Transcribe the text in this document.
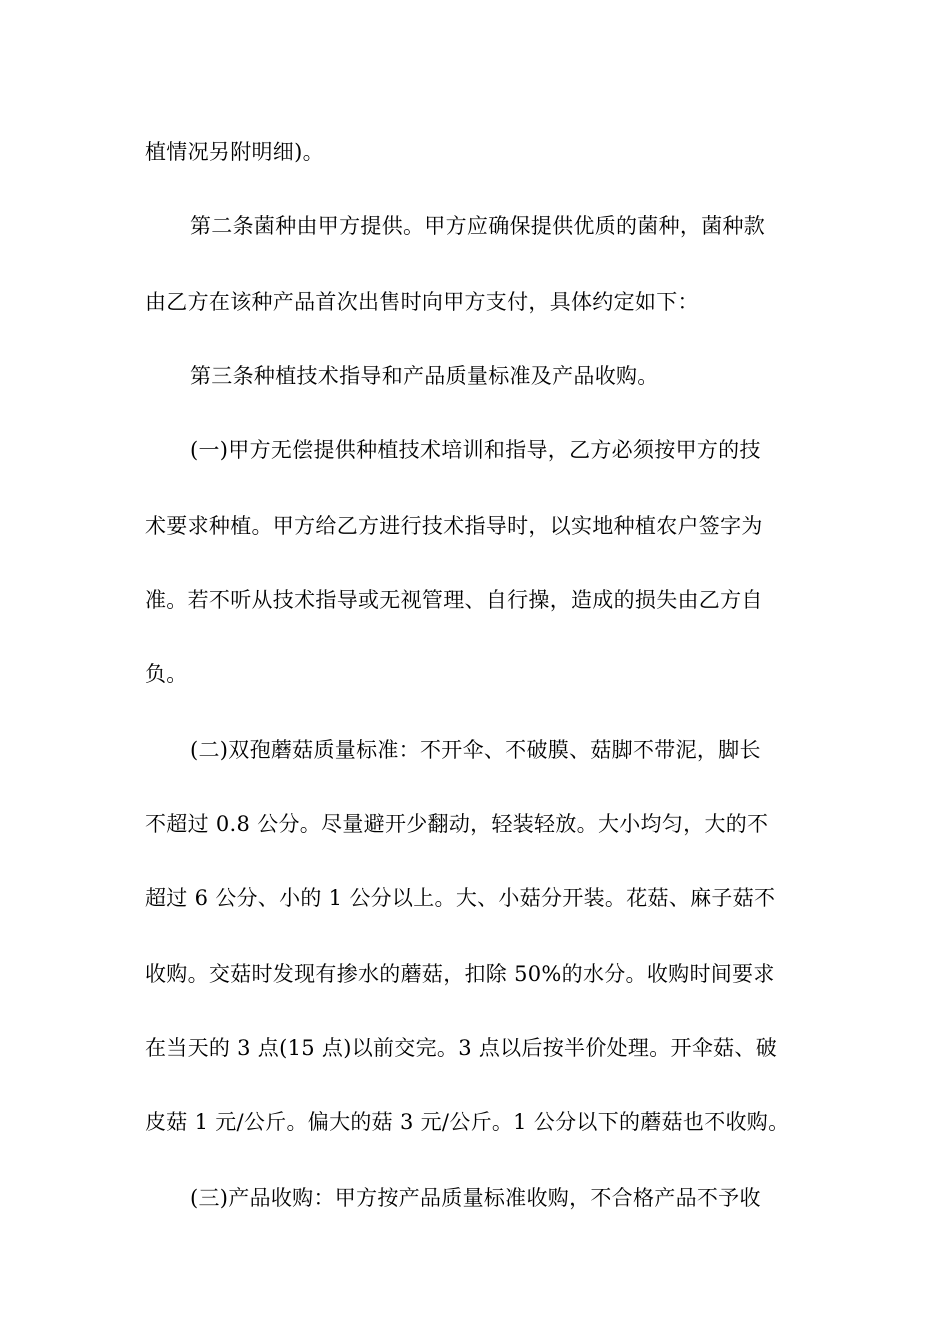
植情况另附明细)。
第二条菌种由甲方提供。甲方应确保提供优质的菌种，菌种款
由乙方在该种产品首次出售时向甲方支付，具体约定如下：
第三条种植技术指导和产品质量标准及产品收购。
(一)甲方无偿提供种植技术培训和指导，乙方必须按甲方的技
术要求种植。甲方给乙方进行技术指导时，以实地种植农户签字为
准。若不听从技术指导或无视管理、自行操，造成的损失由乙方自
负。
(二)双孢蘑菇质量标准：不开伞、不破膜、菇脚不带泥，脚长
不超过 0.8 公分。尽量避开少翻动，轻装轻放。大小均匀，大的不
超过 6 公分、小的 1 公分以上。大、小菇分开装。花菇、麻子菇不
收购。交菇时发现有掺水的蘑菇，扣除 50%的水分。收购时间要求
在当天的 3 点(15 点)以前交完。3 点以后按半价处理。开伞菇、破
皮菇 1 元/公斤。偏大的菇 3 元/公斤。1 公分以下的蘑菇也不收购。
(三)产品收购：甲方按产品质量标准收购，不合格产品不予收
